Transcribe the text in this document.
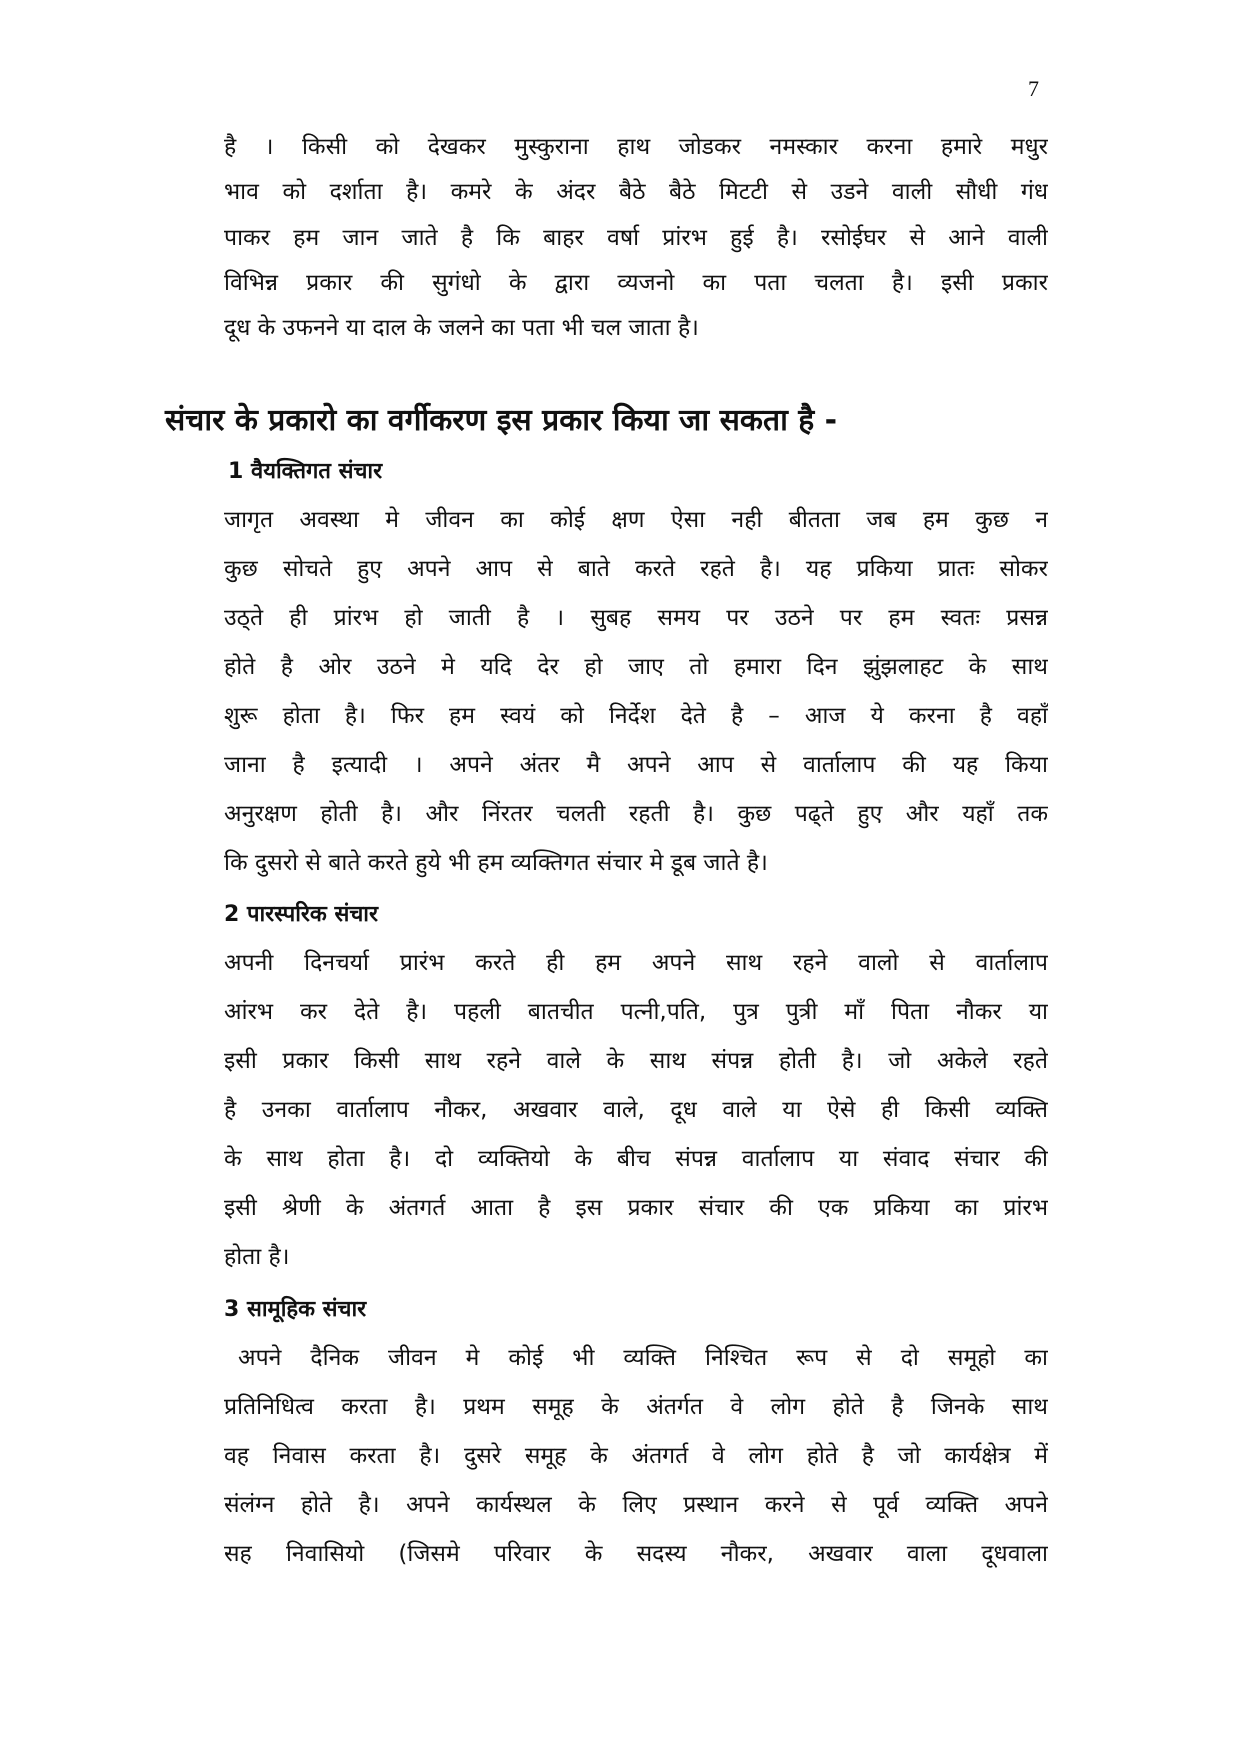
7
है । किसी को देखकर मुस्कुराना हाथ जोडकर नमस्कार करना हमारे मधुर
भाव को दर्शाता है। कमरे के अंदर बैठे बैठे मिटटी से उडने वाली सौधी गंध
पाकर हम जान जाते है कि बाहर वर्षा प्रांरभ हुई है। रसोईघर से आने वाली
विभिन्न प्रकार की सुगंधो के द्वारा व्यजनो का पता चलता है। इसी प्रकार
दूध के उफनने या दाल के जलने का पता भी चल जाता है।
संचार के प्रकारो का वर्गीकरण इस प्रकार किया जा सकता है -
1 वैयक्तिगत संचार
जागृत अवस्था मे जीवन का कोई क्षण ऐसा नही बीतता जब हम कुछ न
कुछ सोचते हुए अपने आप से बाते करते रहते है। यह प्रकिया प्रातः सोकर
उठ्ते ही प्रांरभ हो जाती है । सुबह समय पर उठने पर हम स्वतः प्रसन्न
होते है ओर उठने मे यदि देर हो जाए तो हमारा दिन झुंझलाहट के साथ
शुरू होता है। फिर हम स्वयं को निर्देश देते है – आज ये करना है वहाँ
जाना है इत्यादी । अपने अंतर मै अपने आप से वार्तालाप की यह किया
अनुरक्षण होती है। और निंरतर चलती रहती है। कुछ पढ्ते हुए और यहाँ तक
कि दुसरो से बाते करते हुये भी हम व्यक्तिगत संचार मे डूब जाते है।
2 पारस्परिक संचार
अपनी दिनचर्या प्रारंभ करते ही हम अपने साथ रहने वालो से वार्तालाप
आंरभ कर देते है। पहली बातचीत पत्नी,पति, पुत्र पुत्री माँ पिता नौकर या
इसी प्रकार किसी साथ रहने वाले के साथ संपन्न होती है। जो अकेले रहते
है उनका वार्तालाप नौकर, अखवार वाले, दूध वाले या ऐसे ही किसी व्यक्ति
के साथ होता है। दो व्यक्तियो के बीच संपन्न वार्तालाप या संवाद संचार की
इसी श्रेणी के अंतगर्त आता है इस प्रकार संचार की एक प्रकिया का प्रांरभ
होता है।
3 सामूहिक संचार
अपने दैनिक जीवन मे कोई भी व्यक्ति निश्चित रूप से दो समूहो का
प्रतिनिधित्व करता है। प्रथम समूह के अंतर्गत वे लोग होते है जिनके साथ
वह निवास करता है। दुसरे समूह के अंतगर्त वे लोग होते है जो कार्यक्षेत्र में
संलंग्न होते है। अपने कार्यस्थल के लिए प्रस्थान करने से पूर्व व्यक्ति अपने
सह निवासियो (जिसमे परिवार के सदस्य नौकर, अखवार वाला दूधवाला
